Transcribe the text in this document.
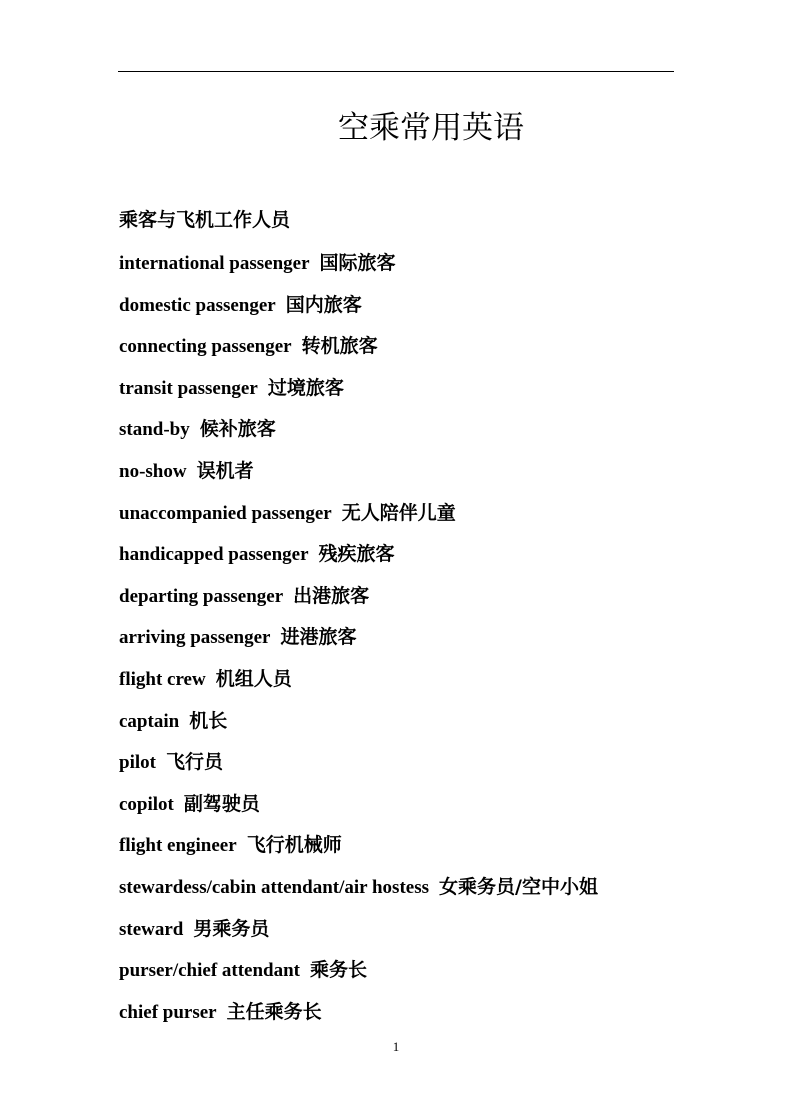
空乘常用英语
乘客与飞机工作人员
international passenger 国际旅客
domestic passenger 国内旅客
connecting passenger 转机旅客
transit passenger 过境旅客
stand-by 候补旅客
no-show 误机者
unaccompanied passenger 无人陪伴儿童
handicapped passenger 残疾旅客
departing passenger 出港旅客
arriving passenger 进港旅客
flight crew 机组人员
captain 机长
pilot 飞行员
copilot 副驾驶员
flight engineer 飞行机械师
stewardess/cabin attendant/air hostess 女乘务员/空中小姐
steward 男乘务员
purser/chief attendant 乘务长
chief purser 主任乘务长
1
